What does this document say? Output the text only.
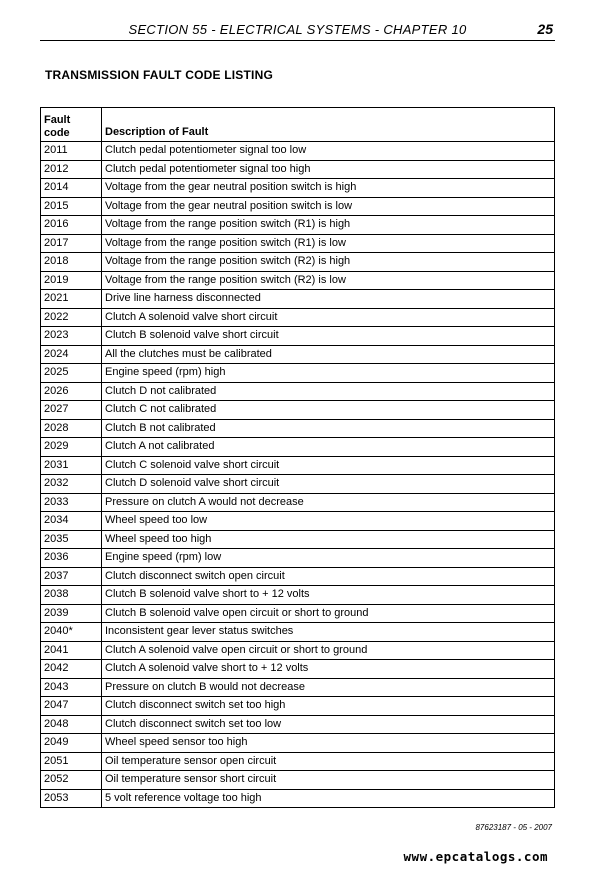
SECTION 55 - ELECTRICAL SYSTEMS - CHAPTER 10	25
TRANSMISSION FAULT CODE LISTING
Fault
code	Description of Fault
2011	Clutch pedal potentiometer signal too low
2012	Clutch pedal potentiometer signal too high
2014	Voltage from the gear neutral position switch is high
2015	Voltage from the gear neutral position switch is low
2016	Voltage from the range position switch (R1) is high
2017	Voltage from the range position switch (R1) is low
2018	Voltage from the range position switch (R2) is high
2019	Voltage from the range position switch (R2) is low
2021	Drive line harness disconnected
2022	Clutch A solenoid valve short circuit
2023	Clutch B solenoid valve short circuit
2024	All the clutches must be calibrated
2025	Engine speed (rpm) high
2026	Clutch D not calibrated
2027	Clutch C not calibrated
2028	Clutch B not calibrated
2029	Clutch A not calibrated
2031	Clutch C solenoid valve short circuit
2032	Clutch D solenoid valve short circuit
2033	Pressure on clutch A would not decrease
2034	Wheel speed too low
2035	Wheel speed too high
2036	Engine speed (rpm) low
2037	Clutch disconnect switch open circuit
2038	Clutch B solenoid valve short to + 12 volts
2039	Clutch B solenoid valve open circuit or short to ground
2040*	Inconsistent gear lever status switches
2041	Clutch A solenoid valve open circuit or short to ground
2042	Clutch A solenoid valve short to + 12 volts
2043	Pressure on clutch B would not decrease
2047	Clutch disconnect switch set too high
2048	Clutch disconnect switch set too low
2049	Wheel speed sensor too high
2051	Oil temperature sensor open circuit
2052	Oil temperature sensor short circuit
2053	5 volt reference voltage too high
87623187 - 05 - 2007
www.epcatalogs.com
